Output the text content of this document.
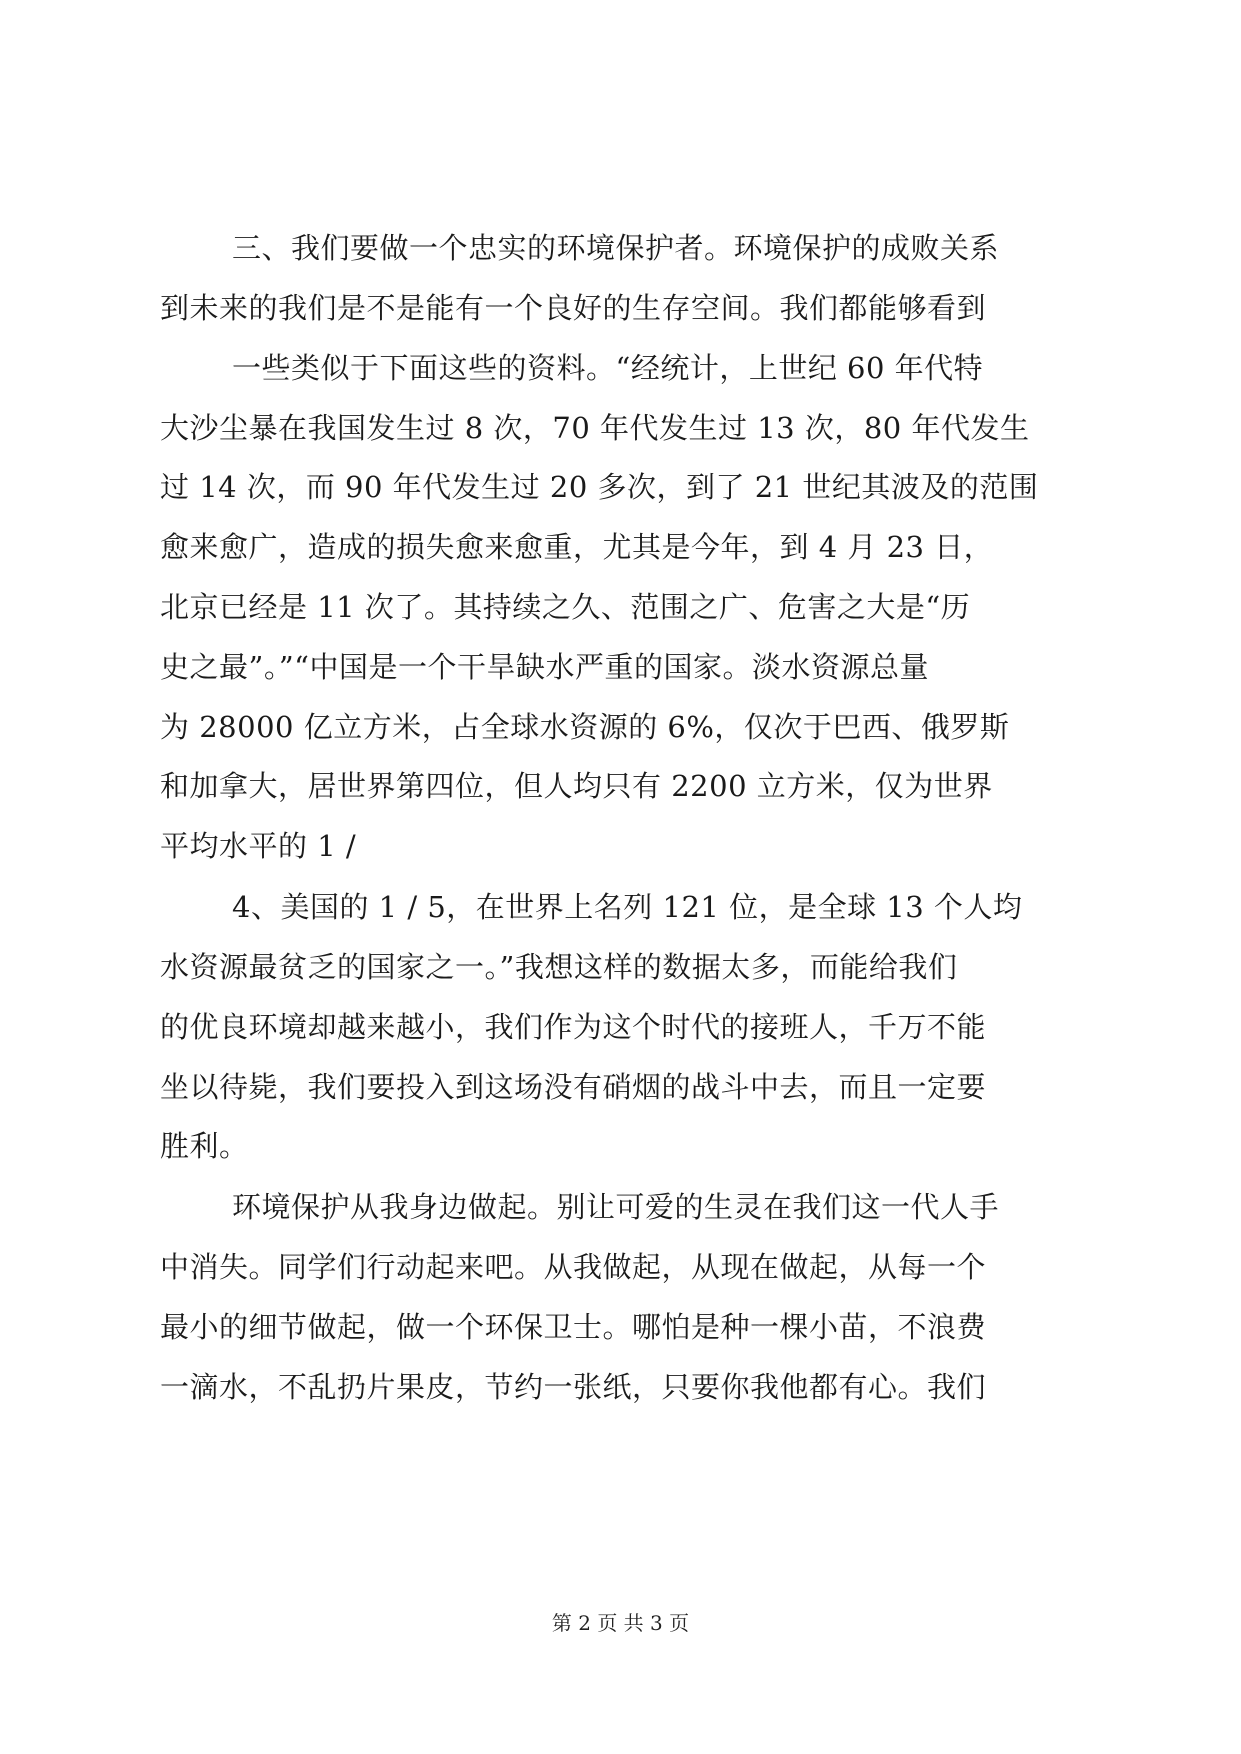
三、我们要做一个忠实的环境保护者。环境保护的成败关系
到未来的我们是不是能有一个良好的生存空间。我们都能够看到
一些类似于下面这些的资料。“经统计，上世纪 60 年代特
大沙尘暴在我国发生过 8 次，70 年代发生过 13 次，80 年代发生
过 14 次，而 90 年代发生过 20 多次，到了 21 世纪其波及的范围
愈来愈广，造成的损失愈来愈重，尤其是今年，到 4 月 23 日，
北京已经是 11 次了。其持续之久、范围之广、危害之大是“历
史之最”。”“中国是一个干旱缺水严重的国家。淡水资源总量
为 28000 亿立方米，占全球水资源的 6%，仅次于巴西、俄罗斯
和加拿大，居世界第四位，但人均只有 2200 立方米，仅为世界
平均水平的 1 /
4、美国的 1 / 5，在世界上名列 121 位，是全球 13 个人均
水资源最贫乏的国家之一。”我想这样的数据太多，而能给我们
的优良环境却越来越小，我们作为这个时代的接班人，千万不能
坐以待毙，我们要投入到这场没有硝烟的战斗中去，而且一定要
胜利。
环境保护从我身边做起。别让可爱的生灵在我们这一代人手
中消失。同学们行动起来吧。从我做起，从现在做起，从每一个
最小的细节做起，做一个环保卫士。哪怕是种一棵小苗，不浪费
一滴水，不乱扔片果皮，节约一张纸，只要你我他都有心。我们
第 2 页 共 3 页
